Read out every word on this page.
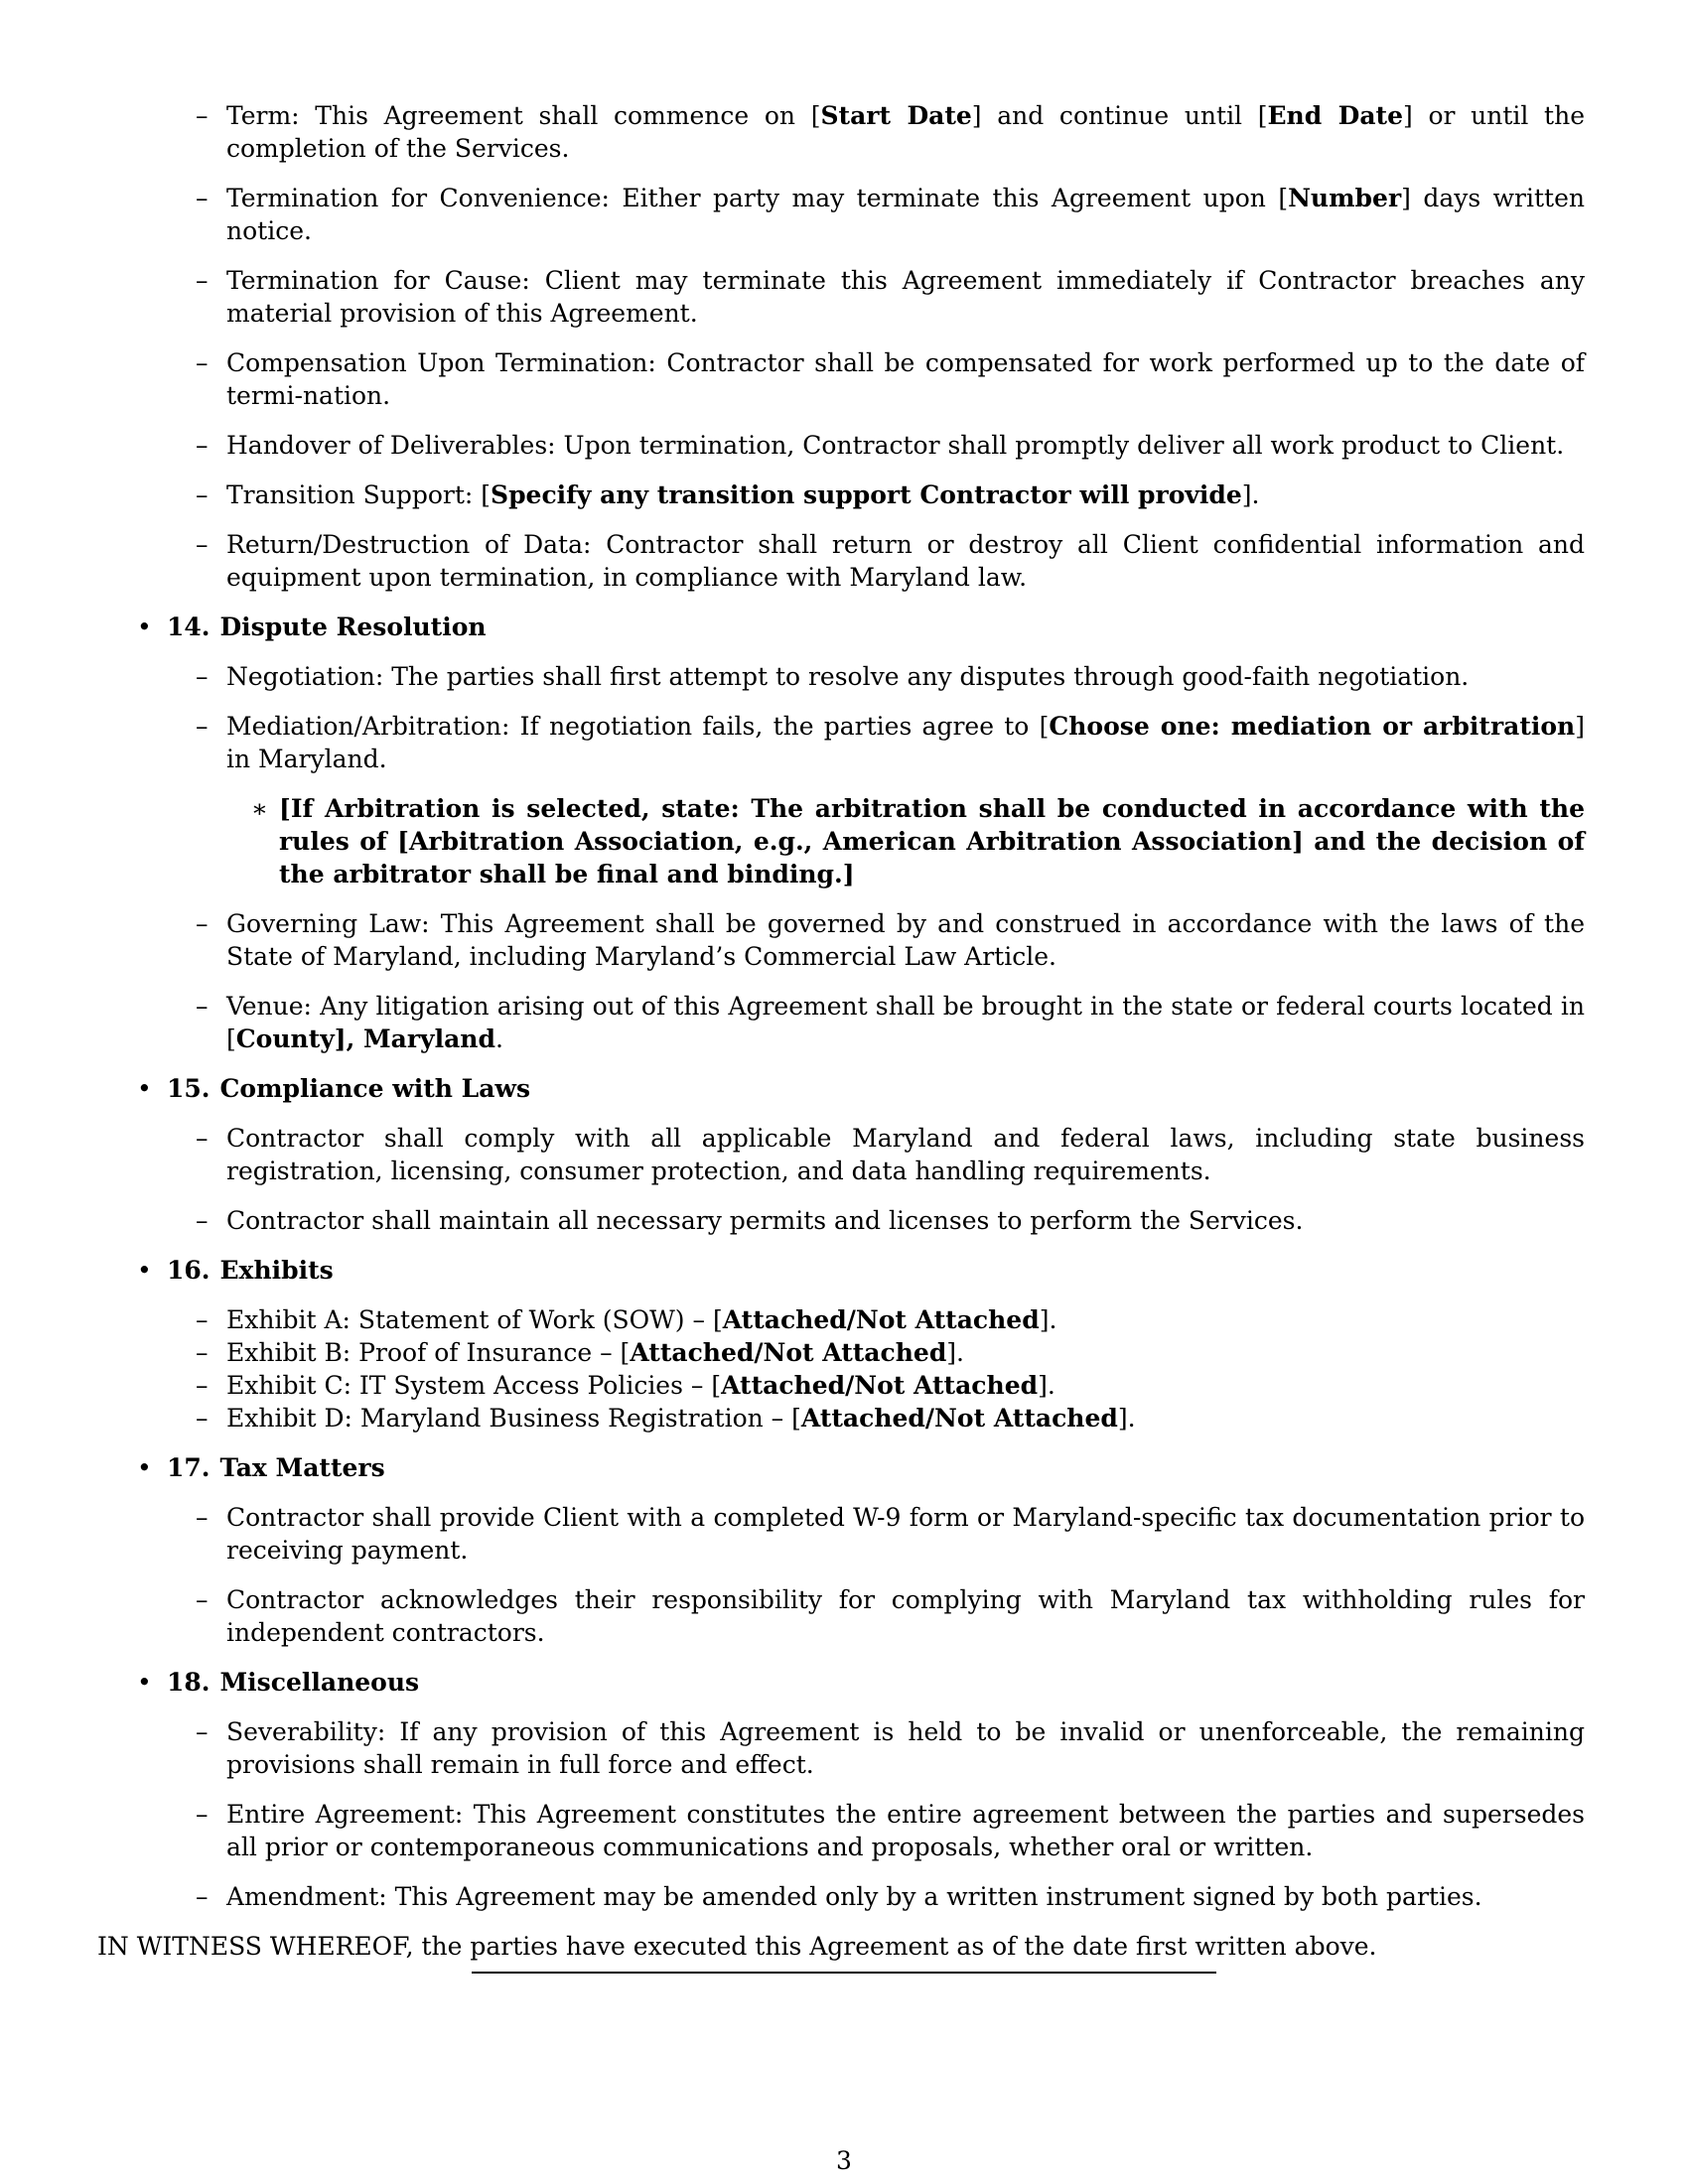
– Term: This Agreement shall commence on [Start Date] and continue until [End Date] or until the completion of the Services.
– Termination for Convenience: Either party may terminate this Agreement upon [Number] days written notice.
– Termination for Cause: Client may terminate this Agreement immediately if Contractor breaches any material provision of this Agreement.
– Compensation Upon Termination: Contractor shall be compensated for work performed up to the date of termi-nation.
– Handover of Deliverables: Upon termination, Contractor shall promptly deliver all work product to Client.
– Transition Support: [Specify any transition support Contractor will provide].
– Return/Destruction of Data: Contractor shall return or destroy all Client confidential information and equipment upon termination, in compliance with Maryland law.
• 14. Dispute Resolution
– Negotiation: The parties shall first attempt to resolve any disputes through good-faith negotiation.
– Mediation/Arbitration: If negotiation fails, the parties agree to [Choose one: mediation or arbitration] in Maryland.
∗ [If Arbitration is selected, state: The arbitration shall be conducted in accordance with the rules of [Arbitration Association, e.g., American Arbitration Association] and the decision of the arbitrator shall be final and binding.]
– Governing Law: This Agreement shall be governed by and construed in accordance with the laws of the State of Maryland, including Maryland’s Commercial Law Article.
– Venue: Any litigation arising out of this Agreement shall be brought in the state or federal courts located in [County], Maryland.
• 15. Compliance with Laws
– Contractor shall comply with all applicable Maryland and federal laws, including state business registration, licensing, consumer protection, and data handling requirements.
– Contractor shall maintain all necessary permits and licenses to perform the Services.
• 16. Exhibits
– Exhibit A: Statement of Work (SOW) – [Attached/Not Attached].
– Exhibit B: Proof of Insurance – [Attached/Not Attached].
– Exhibit C: IT System Access Policies – [Attached/Not Attached].
– Exhibit D: Maryland Business Registration – [Attached/Not Attached].
• 17. Tax Matters
– Contractor shall provide Client with a completed W-9 form or Maryland-specific tax documentation prior to receiving payment.
– Contractor acknowledges their responsibility for complying with Maryland tax withholding rules for independent contractors.
• 18. Miscellaneous
– Severability: If any provision of this Agreement is held to be invalid or unenforceable, the remaining provisions shall remain in full force and effect.
– Entire Agreement: This Agreement constitutes the entire agreement between the parties and supersedes all prior or contemporaneous communications and proposals, whether oral or written.
– Amendment: This Agreement may be amended only by a written instrument signed by both parties.
IN WITNESS WHEREOF, the parties have executed this Agreement as of the date first written above.
3
